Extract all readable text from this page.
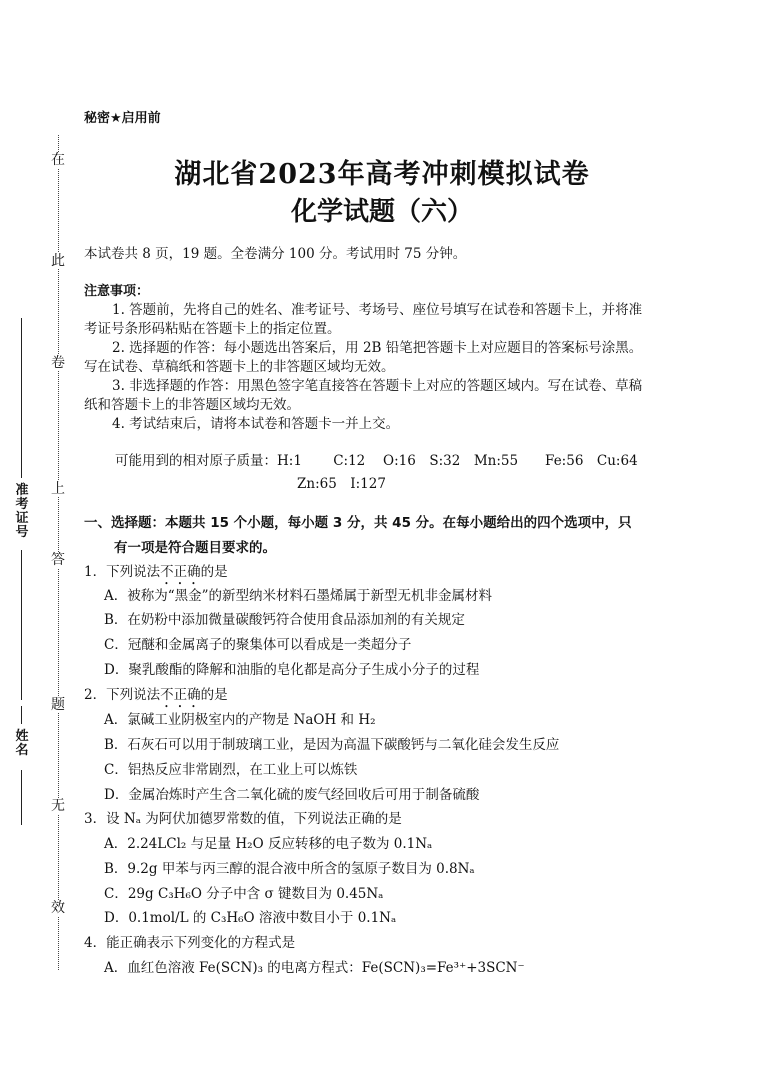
在
此
卷
上
答
题
无
效
准考证号
姓名
秘密★启用前
湖北省2023年高考冲刺模拟试卷
化学试题（六）
本试卷共 8 页，19 题。全卷满分 100 分。考试用时 75 分钟。
注意事项：
1. 答题前，先将自己的姓名、准考证号、考场号、座位号填写在试卷和答题卡上，并将准
考证号条形码粘贴在答题卡上的指定位置。
2. 选择题的作答：每小题选出答案后，用 2B 铅笔把答题卡上对应题目的答案标号涂黑。
写在试卷、草稿纸和答题卡上的非答题区域均无效。
3. 非选择题的作答：用黑色签字笔直接答在答题卡上对应的答题区域内。写在试卷、草稿
纸和答题卡上的非答题区域均无效。
4. 考试结束后，请将本试卷和答题卡一并上交。
可能用到的相对原子质量：H:1　　 C:12　 O:16　S:32　Mn:55　　Fe:56　Cu:64
Zn:65　I:127
一、选择题：本题共 15 个小题，每小题 3 分，共 45 分。在每小题给出的四个选项中，只
有一项是符合题目要求的。
1．下列说法不正确的是
A．被称为“黑金”的新型纳米材料石墨烯属于新型无机非金属材料
B．在奶粉中添加微量碳酸钙符合使用食品添加剂的有关规定
C．冠醚和金属离子的聚集体可以看成是一类超分子
D．聚乳酸酯的降解和油脂的皂化都是高分子生成小分子的过程
2．下列说法不正确的是
A．氯碱工业阴极室内的产物是 NaOH 和 H₂
B．石灰石可以用于制玻璃工业，是因为高温下碳酸钙与二氧化硅会发生反应
C．铝热反应非常剧烈，在工业上可以炼铁
D．金属冶炼时产生含二氧化硫的废气经回收后可用于制备硫酸
3．设 Nₐ 为阿伏加德罗常数的值，下列说法正确的是
A．2.24LCl₂ 与足量 H₂O 反应转移的电子数为 0.1Nₐ
B．9.2g 甲苯与丙三醇的混合液中所含的氢原子数目为 0.8Nₐ
C．29g C₃H₆O 分子中含 σ 键数目为 0.45Nₐ
D．0.1mol/L 的 C₃H₆O 溶液中数目小于 0.1Nₐ
4．能正确表示下列变化的方程式是
A．血红色溶液 Fe(SCN)₃ 的电离方程式：Fe(SCN)₃=Fe³⁺+3SCN⁻
